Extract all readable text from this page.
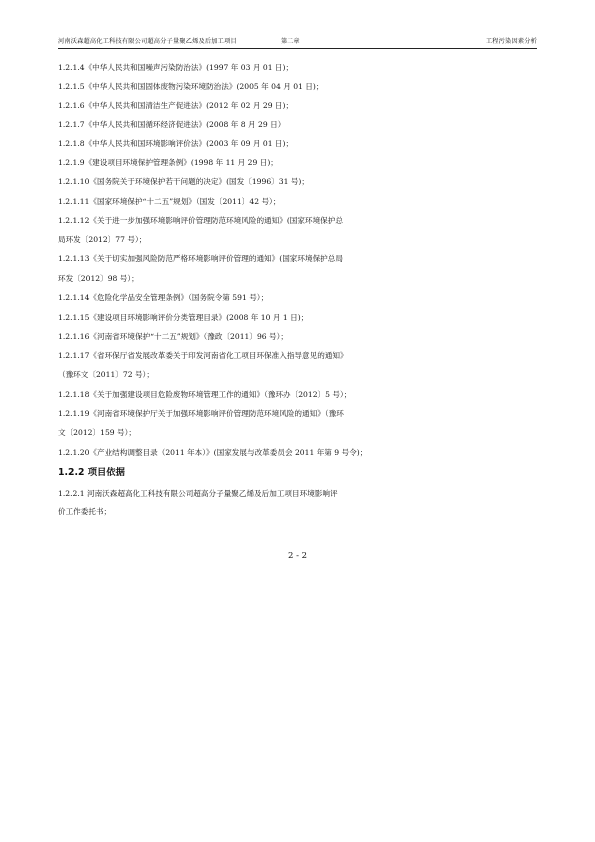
河南沃森超高化工科技有限公司超高分子量聚乙烯及后加工项目	第二章	工程污染因素分析
1.2.1.4《中华人民共和国噪声污染防治法》(1997 年 03 月 01 日)；
1.2.1.5《中华人民共和国固体废物污染环境防治法》(2005 年 04 月 01 日)；
1.2.1.6《中华人民共和国清洁生产促进法》(2012 年 02 月 29 日)；
1.2.1.7《中华人民共和国循环经济促进法》(2008 年 8 月 29 日）
1.2.1.8《中华人民共和国环境影响评价法》(2003 年 09 月 01 日)；
1.2.1.9《建设项目环境保护管理条例》(1998 年 11 月 29 日)；
1.2.1.10《国务院关于环境保护若干问题的决定》(国发〔1996〕31 号)；
1.2.1.11《国家环境保护“十二五”规划》（国发〔2011〕42 号）；
1.2.1.12《关于进一步加强环境影响评价管理防范环境风险的通知》(国家环境保护总
局环发〔2012〕77 号）；
1.2.1.13《关于切实加强风险防范严格环境影响评价管理的通知》(国家环境保护总局
环发〔2012〕98 号）；
1.2.1.14《危险化学品安全管理条例》（国务院令第 591 号）；
1.2.1.15《建设项目环境影响评价分类管理目录》(2008 年 10 月 1 日)；
1.2.1.16《河南省环境保护“十二五”规划》（豫政〔2011〕96 号）；
1.2.1.17《省环保厅省发展改革委关于印发河南省化工项目环保准入指导意见的通知》
（豫环文〔2011〕72 号）；
1.2.1.18《关于加强建设项目危险废物环境管理工作的通知》（豫环办〔2012〕5 号）；
1.2.1.19《河南省环境保护厅关于加强环境影响评价管理防范环境风险的通知》（豫环
文〔2012〕159 号）；
1.2.1.20《产业结构调整目录（2011 年本）》(国家发展与改革委员会 2011 年第 9 号令)；
1.2.2 项目依据
1.2.2.1 河南沃森超高化工科技有限公司超高分子量聚乙烯及后加工项目环境影响评
价工作委托书；
2 - 2
